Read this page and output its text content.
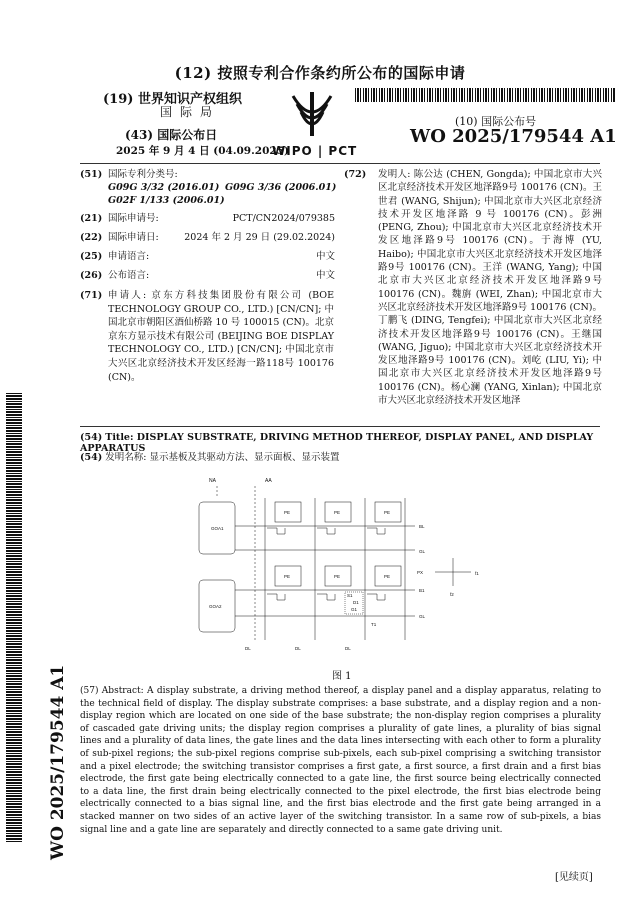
(12) 按照专利合作条约所公布的国际申请
(19) 世界知识产权组织
国际局
(43) 国际公布日
2025 年 9 月 4 日 (04.09.2025)
WIPO | PCT
(10) 国际公布号
WO 2025/179544 A1
WO 2025/179544 A1
(51) 国际专利分类号:
G09G 3/32 (2016.01) G09G 3/36 (2006.01)
G02F 1/133 (2006.01)
(21) 国际申请号:	PCT/CN2024/079385
(22) 国际申请日:	2024 年 2 月 29 日 (29.02.2024)
(25) 申请语言:	中文
(26) 公布语言:	中文
(71) 申请人: 京东方科技集团股份有限公司 (BOE TECHNOLOGY GROUP CO., LTD.) [CN/CN]; 中国北京市朝阳区酒仙桥路 10 号 100015 (CN)。北京京东方显示技术有限公司 (BEIJING BOE DISPLAY TECHNOLOGY CO., LTD.) [CN/CN]; 中国北京市大兴区北京经济技术开发区经海一路118号 100176 (CN)。
(72) 发明人: 陈公达 (CHEN, Gongda); 中国北京市大兴区北京经济技术开发区地泽路9号 100176 (CN)。王世君 (WANG, Shijun); 中国北京市大兴区北京经济技术开发区地泽路 9 号 100176 (CN)。彭洲 (PENG, Zhou); 中国北京市大兴区北京经济技术开发区地泽路9号 100176 (CN)。于海博 (YU, Haibo); 中国北京市大兴区北京经济技术开发区地泽路9号 100176 (CN)。王洋 (WANG, Yang); 中国北京市大兴区北京经济技术开发区地泽路9号 100176 (CN)。魏旃 (WEI, Zhan); 中国北京市大兴区北京经济技术开发区地泽路9号 100176 (CN)。丁鹏飞 (DING, Tengfei); 中国北京市大兴区北京经济技术开发区地泽路9号 100176 (CN)。王继国 (WANG, Jiguo); 中国北京市大兴区北京经济技术开发区地泽路9号 100176 (CN)。刘屹 (LIU, Yi); 中国北京市大兴区北京经济技术开发区地泽路9号 100176 (CN)。杨心澜 (YANG, Xinlan); 中国北京市大兴区北京经济技术开发区地泽
(54) Title: DISPLAY SUBSTRATE, DRIVING METHOD THEREOF, DISPLAY PANEL, AND DISPLAY APPARATUS
(54) 发明名称: 显示基板及其驱动方法、显示面板、显示装置
NA	AA
GOA1
GOA2
PE	PE	PE
PE	PE	PE
BL
GL
PX
B1
GL
S1
D1
G1
T1
DL	DL	DL
f1
f2
图 1
(57) Abstract: A display substrate, a driving method thereof, a display panel and a display apparatus, relating to the technical field of display. The display substrate comprises: a base substrate, and a display region and a non-display region which are located on one side of the base substrate; the non-display region comprises a plurality of cascaded gate driving units; the display region comprises a plurality of gate lines, a plurality of bias signal lines and a plurality of data lines, the gate lines and the data lines intersecting with each other to form a plurality of sub-pixel regions; the sub-pixel regions comprise sub-pixels, each sub-pixel comprising a switching transistor and a pixel electrode; the switching transistor comprises a first gate, a first source, a first drain and a first bias electrode, the first gate being electrically connected to a gate line, the first source being electrically connected to a data line, the first drain being electrically connected to the pixel electrode, the first bias electrode being electrically connected to a bias signal line, and the first bias electrode and the first gate being arranged in a stacked manner on two sides of an active layer of the switching transistor. In a same row of sub-pixels, a bias signal line and a gate line are separately and directly connected to a same gate driving unit.
[见续页]
